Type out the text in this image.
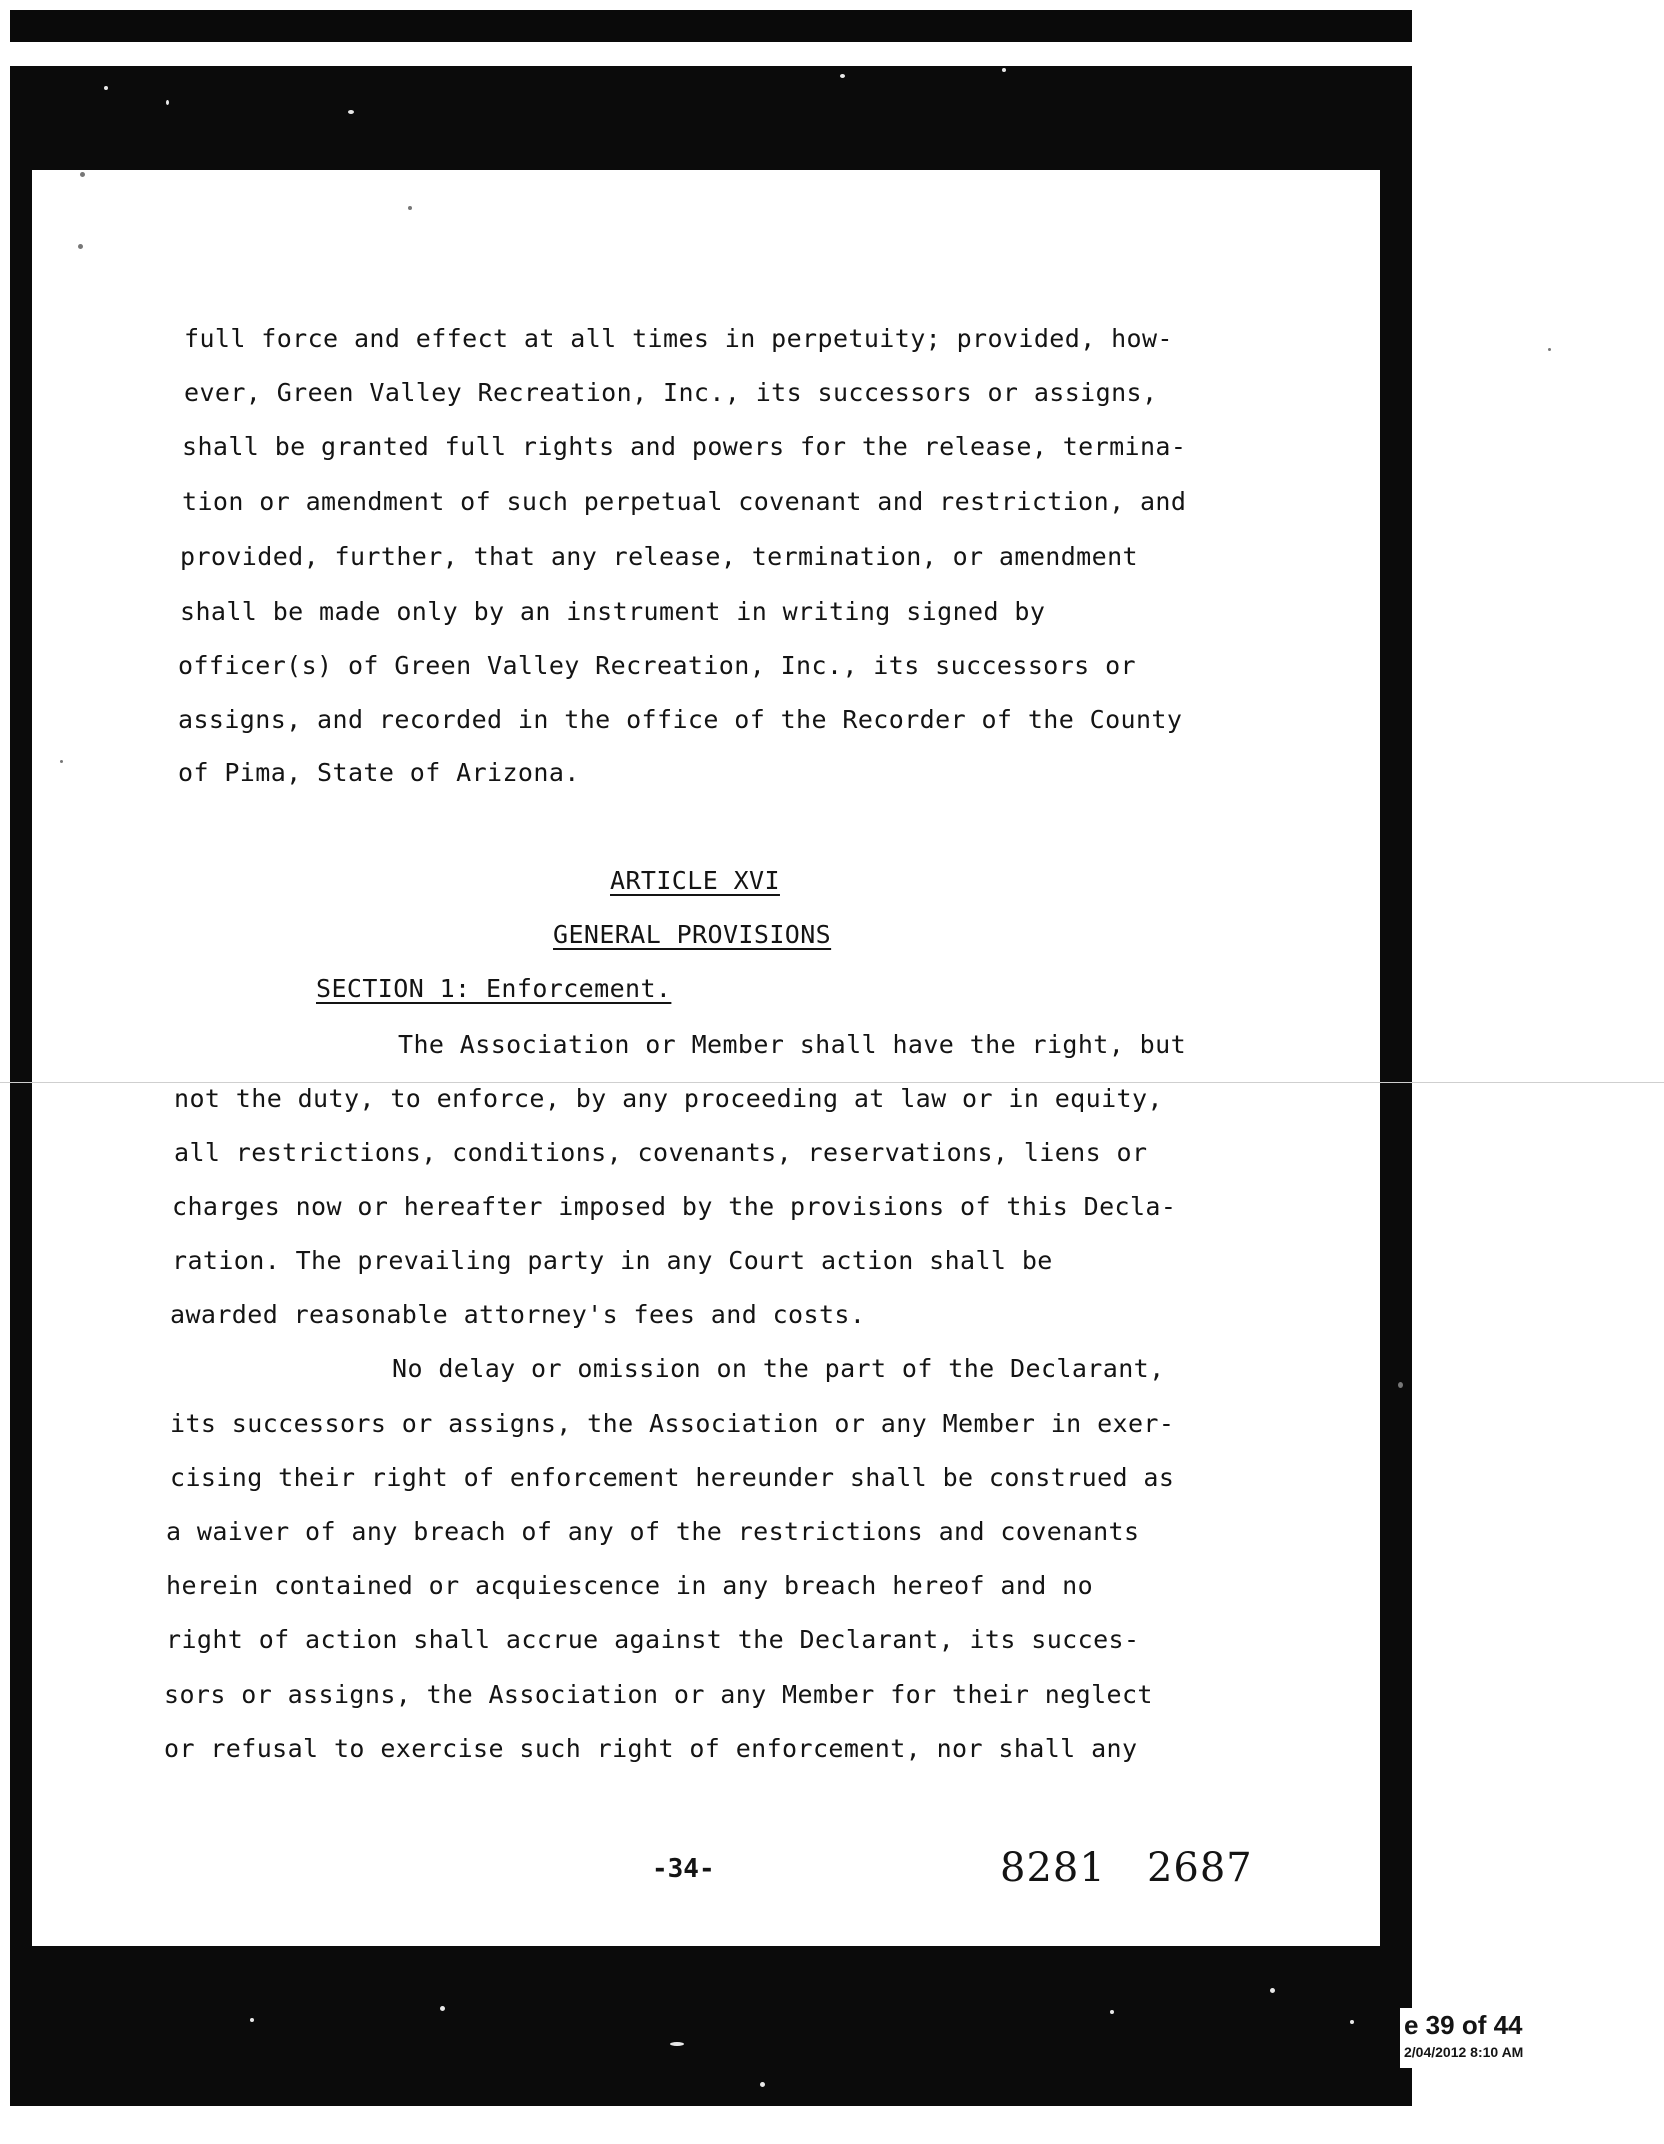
full force and effect at all times in perpetuity; provided, how-
ever, Green Valley Recreation, Inc., its successors or assigns,
shall be granted full rights and powers for the release, termina-
tion or amendment of such perpetual covenant and restriction, and
provided, further, that any release, termination, or amendment
shall be made only by an instrument in writing signed by
officer(s) of Green Valley Recreation, Inc., its successors or
assigns, and recorded in the office of the Recorder of the County
of Pima, State of Arizona.
ARTICLE XVI
GENERAL PROVISIONS
SECTION 1: Enforcement.
The Association or Member shall have the right, but
not the duty, to enforce, by any proceeding at law or in equity,
all restrictions, conditions, covenants, reservations, liens or
charges now or hereafter imposed by the provisions of this Decla-
ration. The prevailing party in any Court action shall be
awarded reasonable attorney's fees and costs.
No delay or omission on the part of the Declarant,
its successors or assigns, the Association or any Member in exer-
cising their right of enforcement hereunder shall be construed as
a waiver of any breach of any of the restrictions and covenants
herein contained or acquiescence in any breach hereof and no
right of action shall accrue against the Declarant, its succes-
sors or assigns, the Association or any Member for their neglect
or refusal to exercise such right of enforcement, nor shall any
-34-	8281   2687
e 39 of 44
2/04/2012 8:10 AM
